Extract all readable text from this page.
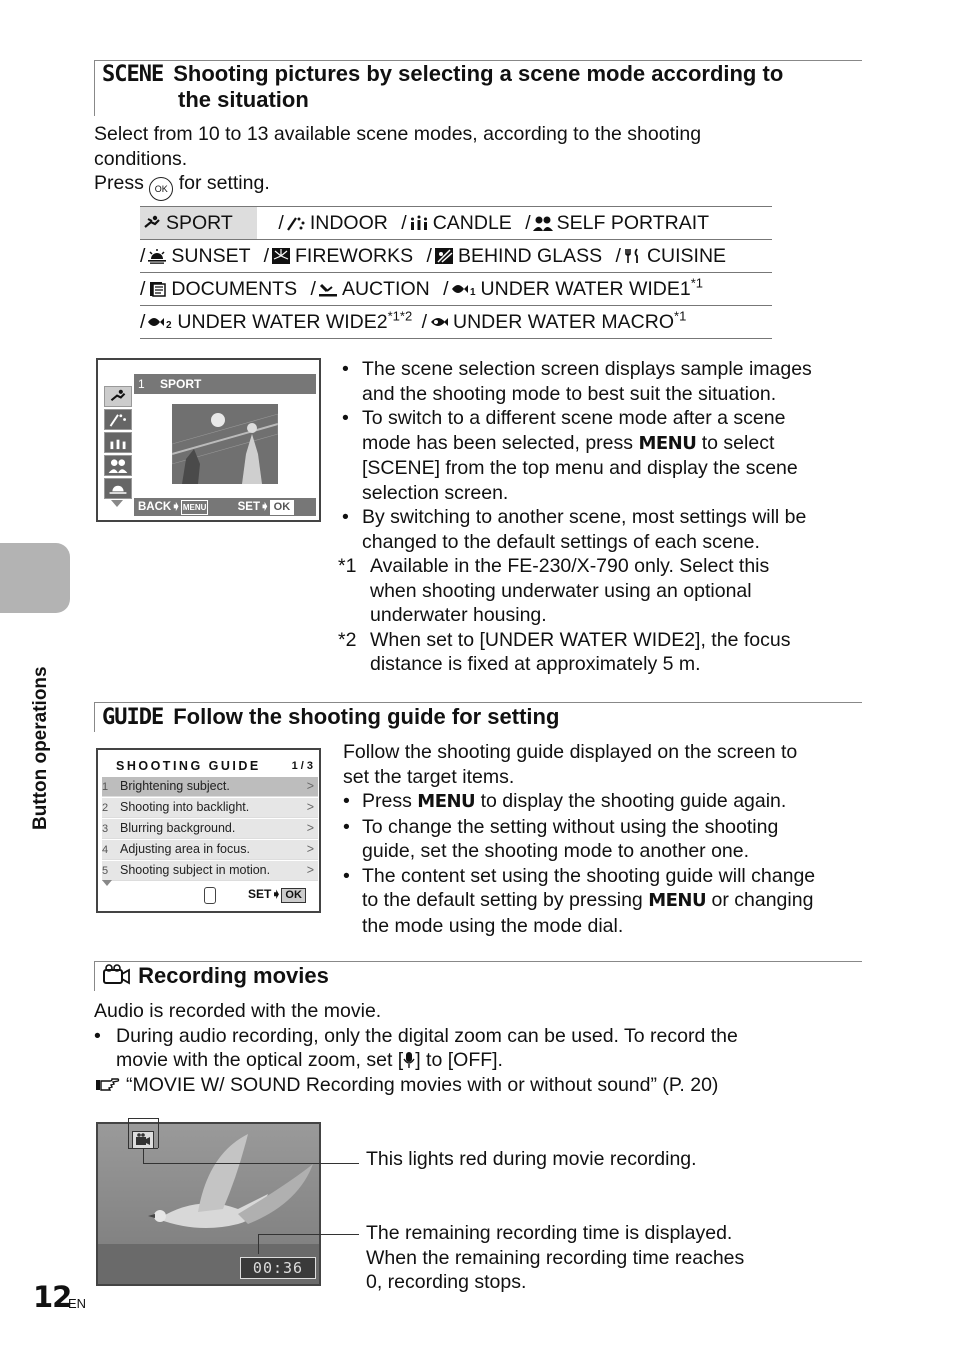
Button operations
SCENE Shooting pictures by selecting a scene mode according to
the situation
Select from 10 to 13 available scene modes, according to the shooting
conditions.
Press OK for setting.
SPORT / INDOOR / CANDLE / SELF PORTRAIT
/ SUNSET / FIREWORKS / BEHIND GLASS / CUISINE
/ DOCUMENTS / AUCTION / 1 UNDER WATER WIDE1$^{*1}$
/ 2 UNDER WATER $WIDE2^{*1*2}$ / UNDER WATER MACRO$^{*1}$
1 SPORT
BACK➧ MENU	SET➧ OK
• The scene selection screen displays sample images
and the shooting mode to best suit the situation.
• To switch to a different scene mode after a scene
mode has been selected, press MENU to select
[SCENE] from the top menu and display the scene
selection screen.
• By switching to another scene, most settings will be
changed to the default settings of each scene.
*1 Available in the FE-230/X-790 only. Select this
when shooting underwater using an optional
underwater housing.
*2 When set to [UNDER WATER WIDE2], the focus
distance is fixed at approximately 5 m.
GUIDE Follow the shooting guide for setting
SHOOTING GUIDE	1 / 3
1 Brightening subject.	>
2 Shooting into backlight.	>
3 Blurring background.	>
4 Adjusting area in focus.	>
5 Shooting subject in motion.	>
SET➧ OK
Follow the shooting guide displayed on the screen to
set the target items.
• Press MENU to display the shooting guide again.
• To change the setting without using the shooting
guide, set the shooting mode to another one.
• The content set using the shooting guide will change
to the default setting by pressing MENU or changing
the mode using the mode dial.
Recording movies
Audio is recorded with the movie.
• During audio recording, only the digital zoom can be used. To record the
movie with the optical zoom, set [ ] to [OFF].
“MOVIE W/ SOUND Recording movies with or without sound” (P. 20)
00:36
This lights red during movie recording.
The remaining recording time is displayed.
When the remaining recording time reaches
0, recording stops.
12
EN
